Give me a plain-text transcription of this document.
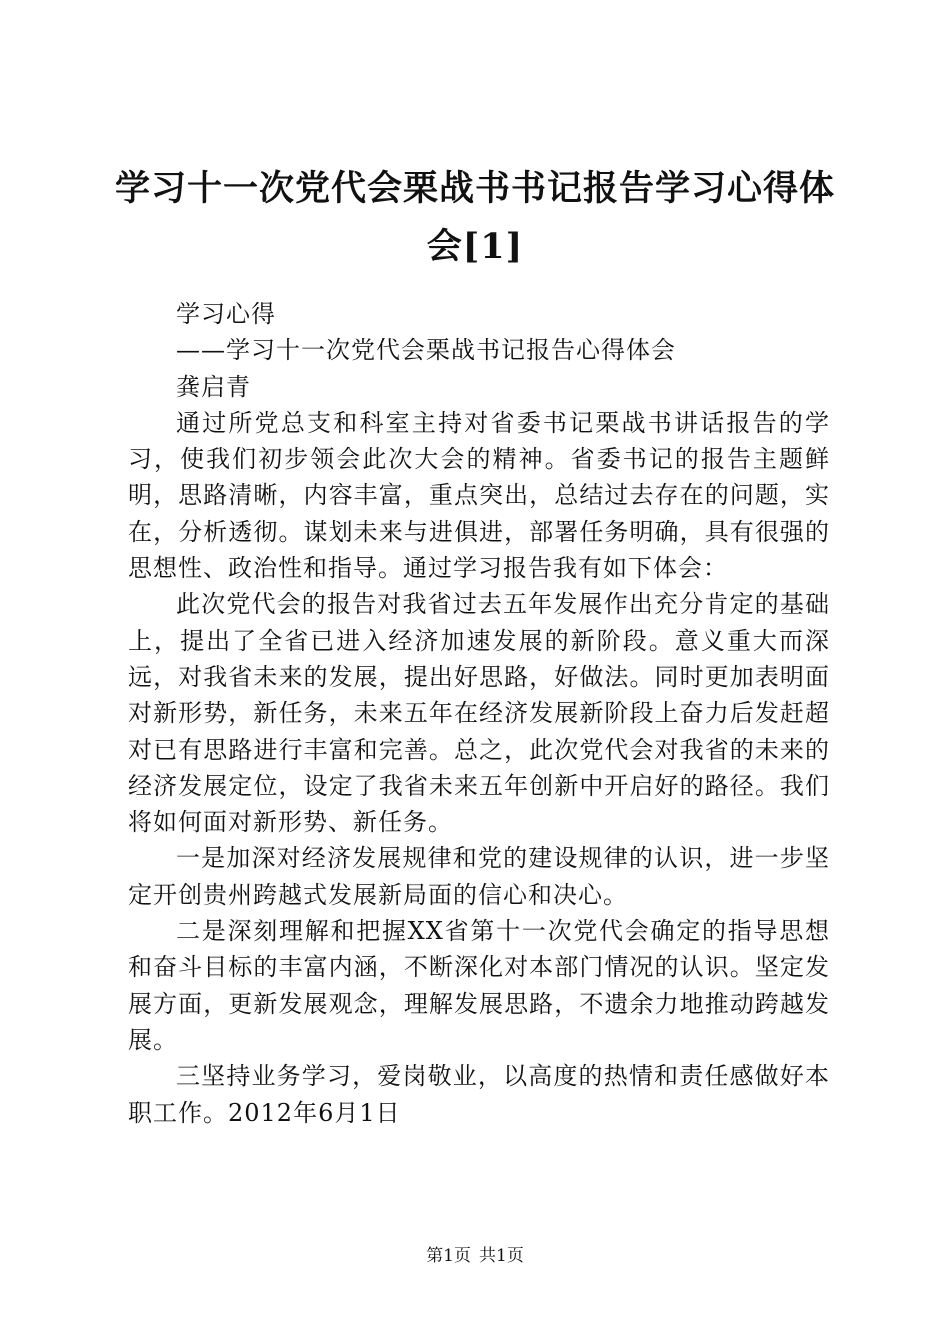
学习十一次党代会栗战书书记报告学习心得体会[1]

学习心得

——学习十一次党代会栗战书记报告心得体会

龚启青

通过所党总支和科室主持对省委书记栗战书讲话报告的学习，使我们初步领会此次大会的精神。省委书记的报告主题鲜明，思路清晰，内容丰富，重点突出，总结过去存在的问题，实在，分析透彻。谋划未来与进俱进，部署任务明确，具有很强的思想性、政治性和指导。通过学习报告我有如下体会：

此次党代会的报告对我省过去五年发展作出充分肯定的基础上，提出了全省已进入经济加速发展的新阶段。意义重大而深远，对我省未来的发展，提出好思路，好做法。同时更加表明面对新形势，新任务，未来五年在经济发展新阶段上奋力后发赶超对已有思路进行丰富和完善。总之，此次党代会对我省的未来的经济发展定位，设定了我省未来五年创新中开启好的路径。我们将如何面对新形势、新任务。

一是加深对经济发展规律和党的建设规律的认识，进一步坚定开创贵州跨越式发展新局面的信心和决心。

二是深刻理解和把握XX省第十一次党代会确定的指导思想和奋斗目标的丰富内涵，不断深化对本部门情况的认识。坚定发展方面，更新发展观念，理解发展思路，不遗余力地推动跨越发展。

三坚持业务学习，爱岗敬业，以高度的热情和责任感做好本职工作。2012年6月1日

第1页 共1页
